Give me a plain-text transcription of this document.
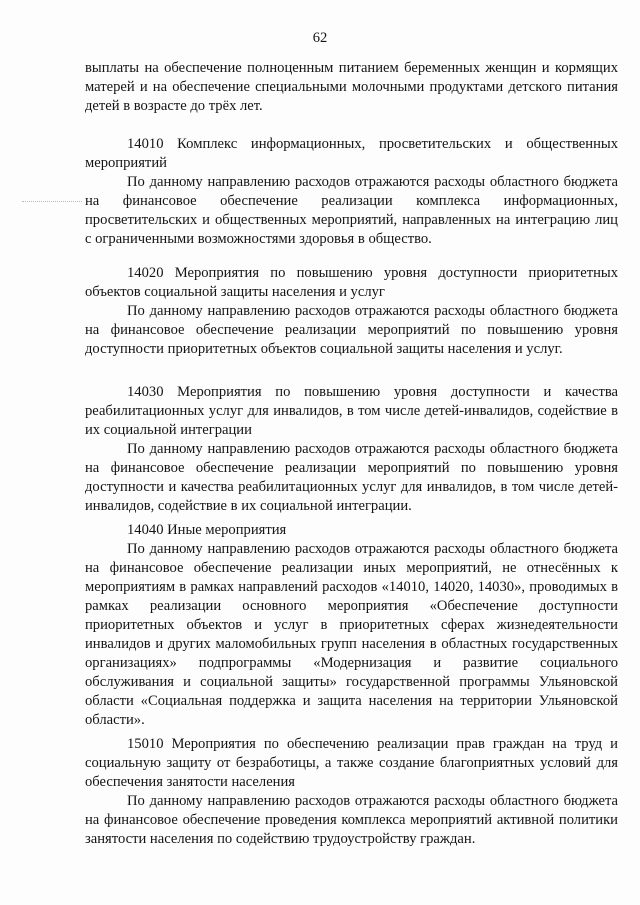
62

выплаты на обеспечение полноценным питанием беременных женщин и кормящих матерей и на обеспечение специальными молочными продуктами детского питания детей в возрасте до трёх лет.

14010 Комплекс информационных, просветительских и общественных мероприятий

По данному направлению расходов отражаются расходы областного бюджета на финансовое обеспечение реализации комплекса информационных, просветительских и общественных мероприятий, направленных на интеграцию лиц с ограниченными возможностями здоровья в общество.

14020 Мероприятия по повышению уровня доступности приоритетных объектов социальной защиты населения и услуг

По данному направлению расходов отражаются расходы областного бюджета на финансовое обеспечение реализации мероприятий по повышению уровня доступности приоритетных объектов социальной защиты населения и услуг.

14030 Мероприятия по повышению уровня доступности и качества реабилитационных услуг для инвалидов, в том числе детей-инвалидов, содействие в их социальной интеграции

По данному направлению расходов отражаются расходы областного бюджета на финансовое обеспечение реализации мероприятий по повышению уровня доступности и качества реабилитационных услуг для инвалидов, в том числе детей-инвалидов, содействие в их социальной интеграции.

14040 Иные мероприятия

По данному направлению расходов отражаются расходы областного бюджета на финансовое обеспечение реализации иных мероприятий, не отнесённых к мероприятиям в рамках направлений расходов «14010, 14020, 14030», проводимых в рамках реализации основного мероприятия «Обеспечение доступности приоритетных объектов и услуг в приоритетных сферах жизнедеятельности инвалидов и других маломобильных групп населения в областных государственных организациях» подпрограммы «Модернизация и развитие социального обслуживания и социальной защиты» государственной программы Ульяновской области «Социальная поддержка и защита населения на территории Ульяновской области».

15010 Мероприятия по обеспечению реализации прав граждан на труд и социальную защиту от безработицы, а также создание благоприятных условий для обеспечения занятости населения

По данному направлению расходов отражаются расходы областного бюджета на финансовое обеспечение проведения комплекса мероприятий активной политики занятости населения по содействию трудоустройству граждан.
